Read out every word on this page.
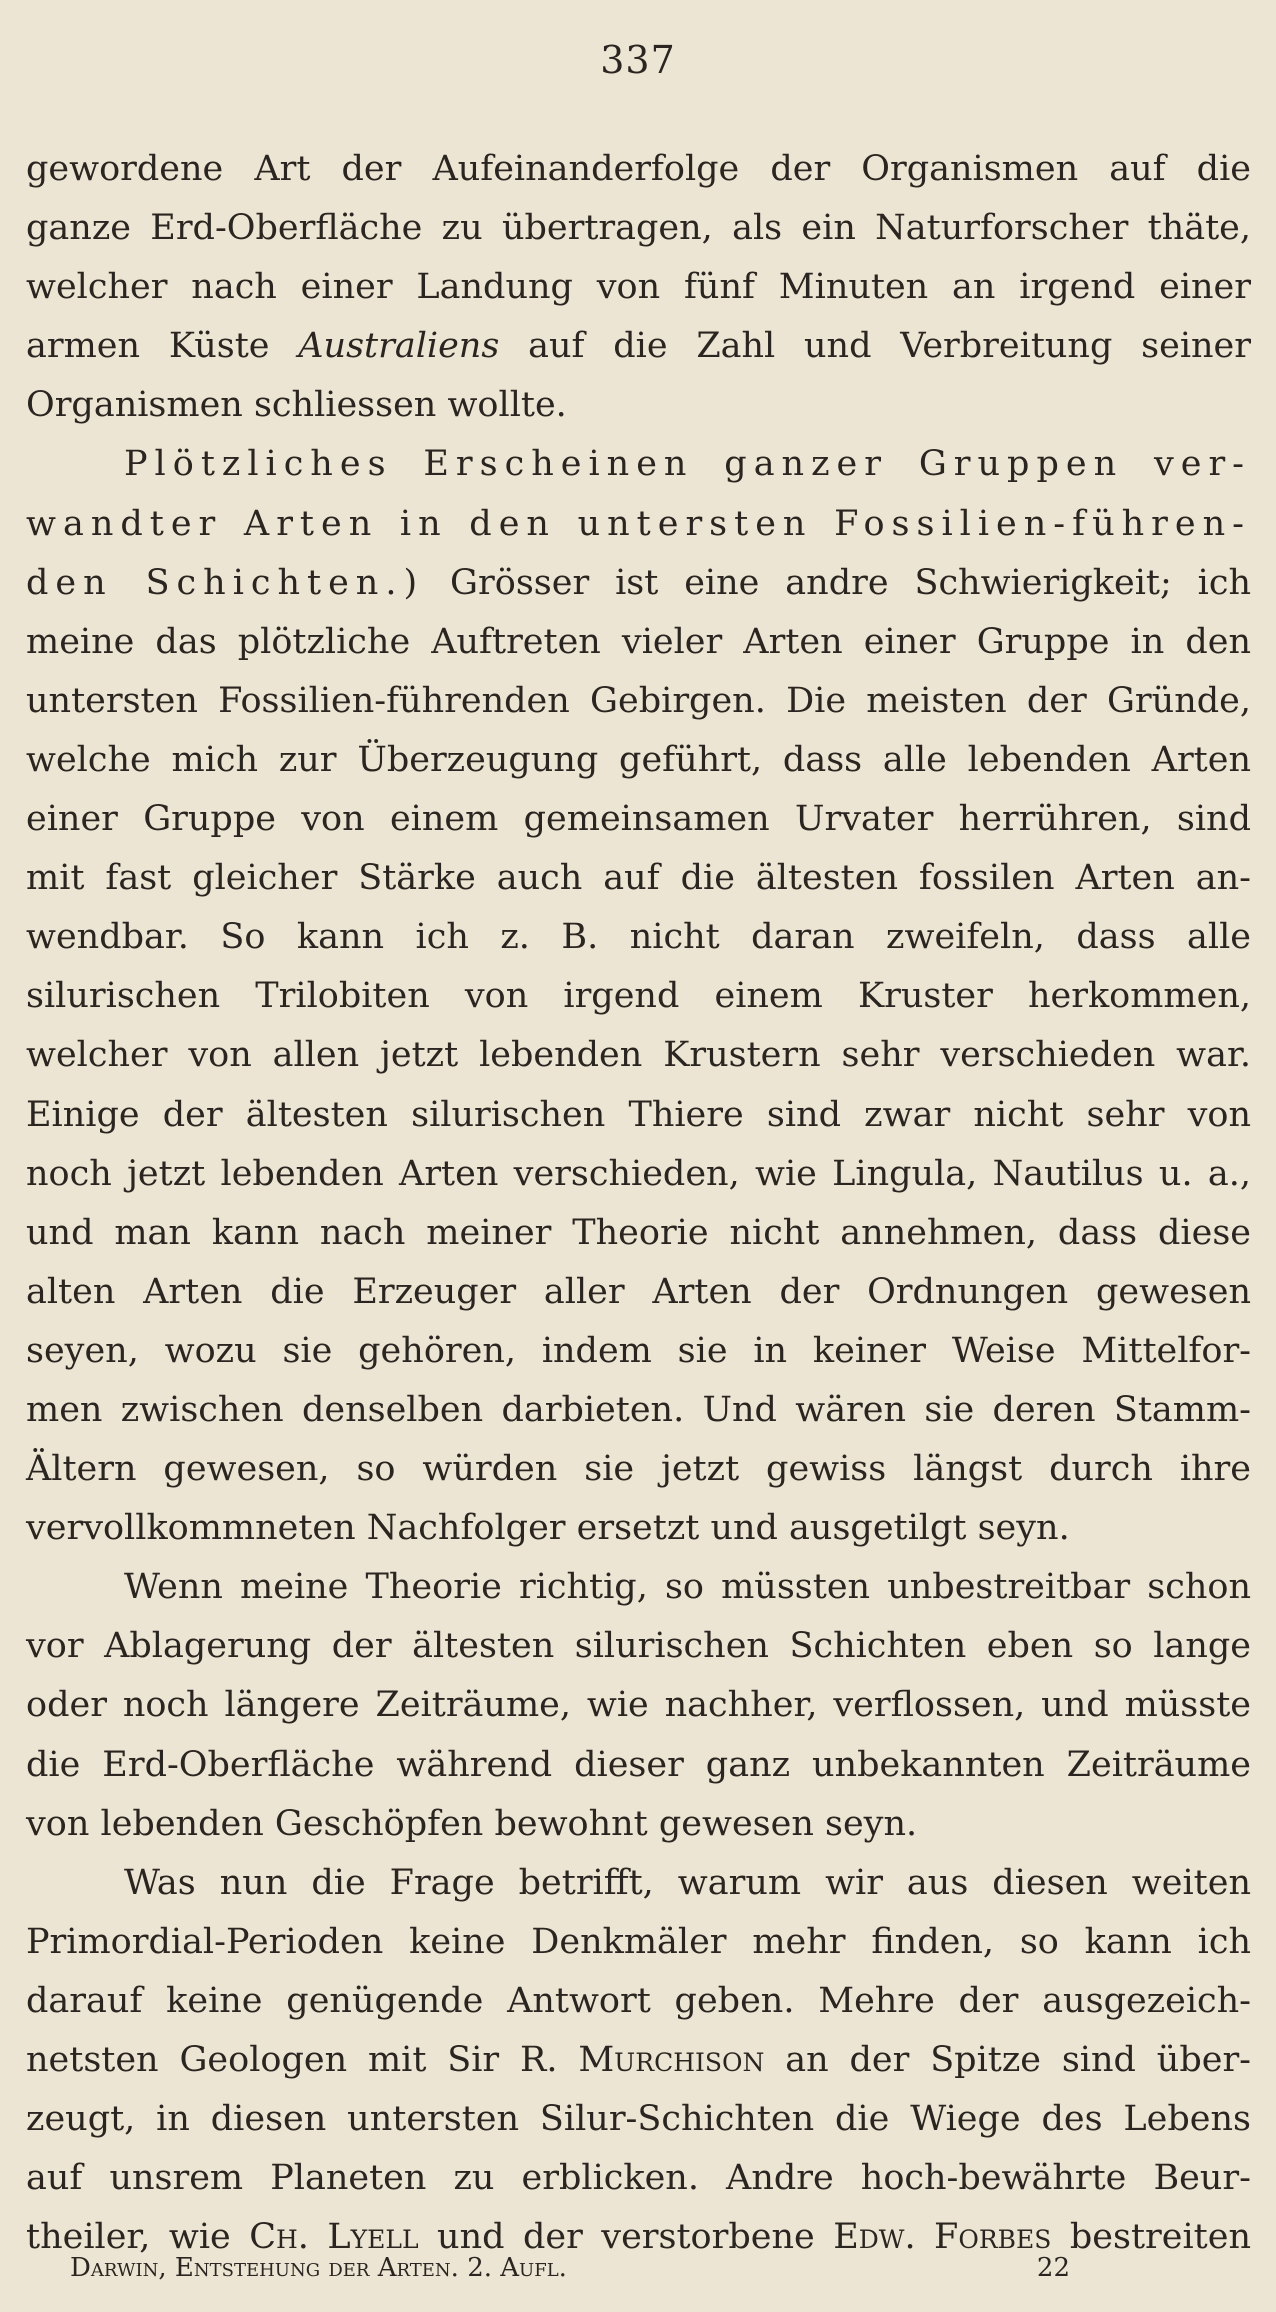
337
gewordene Art der Aufeinanderfolge der Organismen auf die
ganze Erd-Oberfläche zu übertragen, als ein Naturforscher thäte,
welcher nach einer Landung von fünf Minuten an irgend einer
armen Küste Australiens auf die Zahl und Verbreitung seiner
Organismen schliessen wollte.
Plötzliches Erscheinen ganzer Gruppen ver-
wandter Arten in den untersten Fossilien-führen-
den Schichten.) Grösser ist eine andre Schwierigkeit; ich
meine das plötzliche Auftreten vieler Arten einer Gruppe in den
untersten Fossilien-führenden Gebirgen. Die meisten der Gründe,
welche mich zur Überzeugung geführt, dass alle lebenden Arten
einer Gruppe von einem gemeinsamen Urvater herrühren, sind
mit fast gleicher Stärke auch auf die ältesten fossilen Arten an-
wendbar. So kann ich z. B. nicht daran zweifeln, dass alle
silurischen Trilobiten von irgend einem Kruster herkommen,
welcher von allen jetzt lebenden Krustern sehr verschieden war.
Einige der ältesten silurischen Thiere sind zwar nicht sehr von
noch jetzt lebenden Arten verschieden, wie Lingula, Nautilus u. a.,
und man kann nach meiner Theorie nicht annehmen, dass diese
alten Arten die Erzeuger aller Arten der Ordnungen gewesen
seyen, wozu sie gehören, indem sie in keiner Weise Mittelfor-
men zwischen denselben darbieten. Und wären sie deren Stamm-
Ältern gewesen, so würden sie jetzt gewiss längst durch ihre
vervollkommneten Nachfolger ersetzt und ausgetilgt seyn.
Wenn meine Theorie richtig, so müssten unbestreitbar schon
vor Ablagerung der ältesten silurischen Schichten eben so lange
oder noch längere Zeiträume, wie nachher, verflossen, und müsste
die Erd-Oberfläche während dieser ganz unbekannten Zeiträume
von lebenden Geschöpfen bewohnt gewesen seyn.
Was nun die Frage betrifft, warum wir aus diesen weiten
Primordial-Perioden keine Denkmäler mehr finden, so kann ich
darauf keine genügende Antwort geben. Mehre der ausgezeich-
netsten Geologen mit Sir R. Murchison an der Spitze sind über-
zeugt, in diesen untersten Silur-Schichten die Wiege des Lebens
auf unsrem Planeten zu erblicken. Andre hoch-bewährte Beur-
theiler, wie Ch. Lyell und der verstorbene Edw. Forbes bestreiten
Darwin, Entstehung der Arten. 2. Aufl.	22
